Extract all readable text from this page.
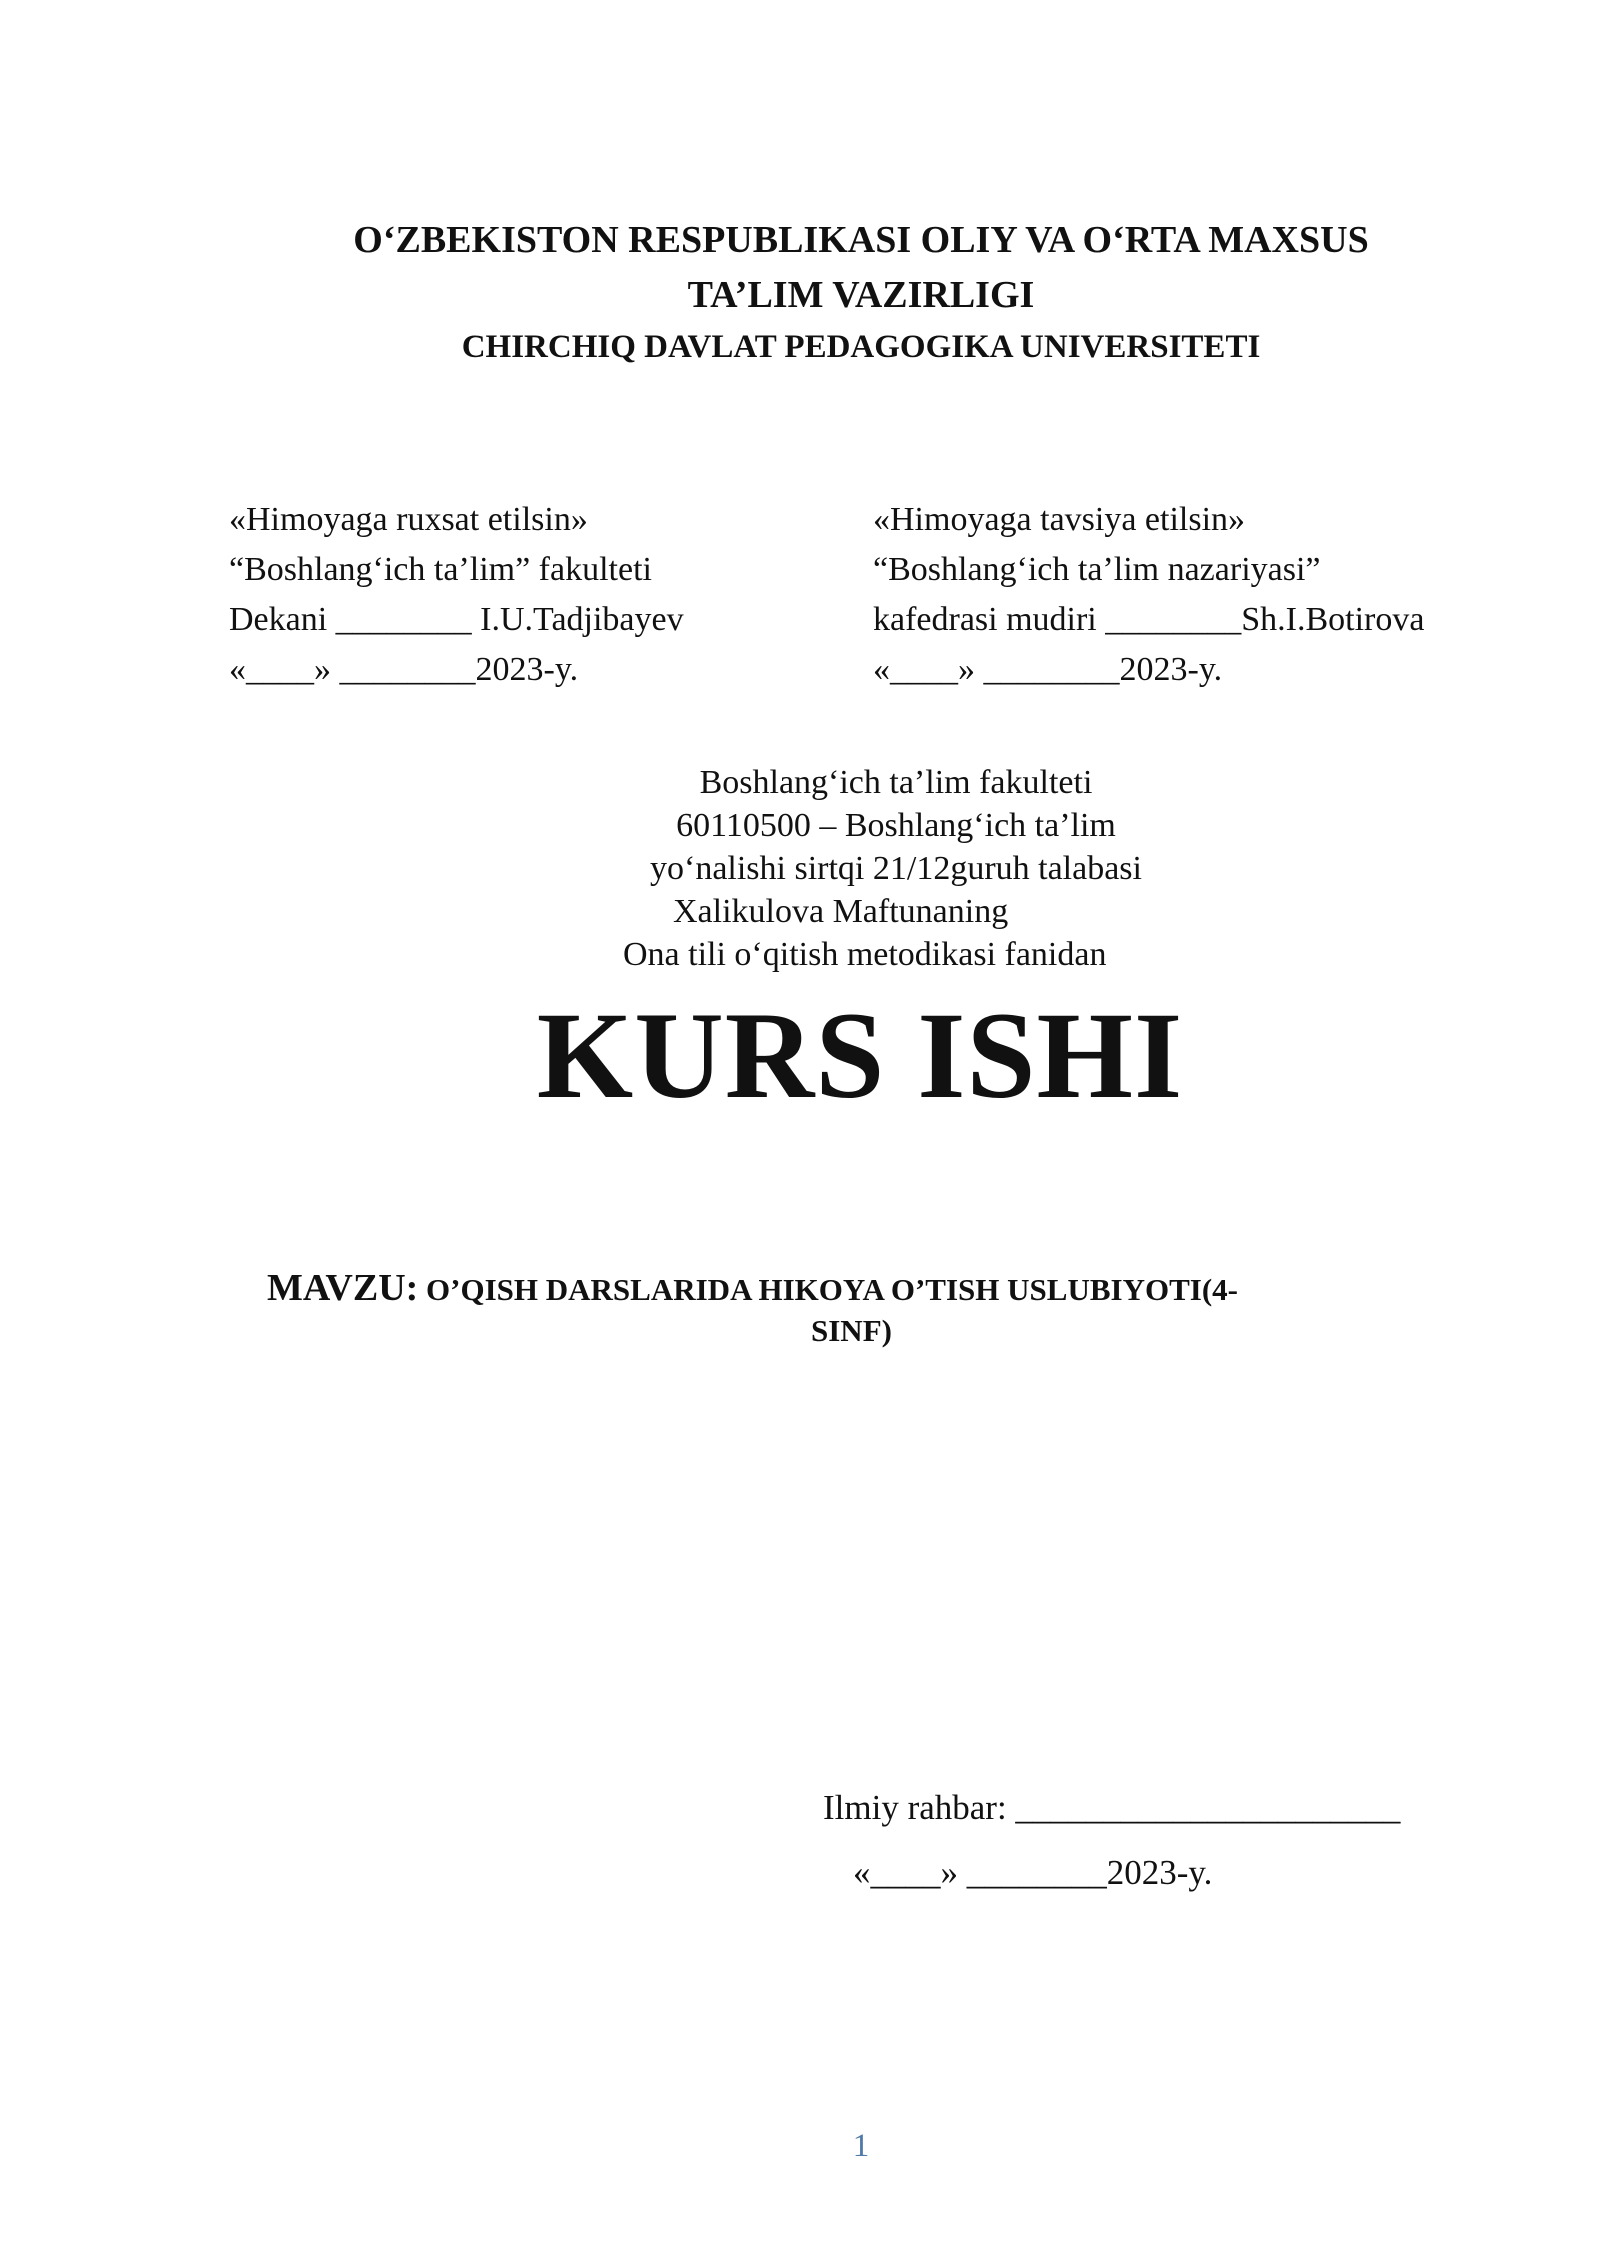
O‘ZBEKISTON RESPUBLIKASI OLIY VA O‘RTA MAXSUS
TA’LIM VAZIRLIGI
CHIRCHIQ DAVLAT PEDAGOGIKA UNIVERSITETI
«Himoyaga ruxsat etilsin»
“Boshlang‘ich ta’lim” fakulteti
Dekani ________ I.U.Tadjibayev
«____» ________2023-y.
«Himoyaga tavsiya etilsin»
“Boshlang‘ich ta’lim nazariyasi”
kafedrasi mudiri ________Sh.I.Botirova
«____» ________2023-y.
Boshlang‘ich ta’lim fakulteti
60110500 – Boshlang‘ich ta’lim
yo‘nalishi sirtqi 21/12guruh talabasi
Xalikulova Maftunaning
Ona tili o‘qitish metodikasi fanidan
KURS ISHI
MAVZU: O’QISH DARSLARIDA HIKOYA O’TISH USLUBIYOTI(4-
SINF)
Ilmiy rahbar: ______________________
«____» ________2023-y.
1
